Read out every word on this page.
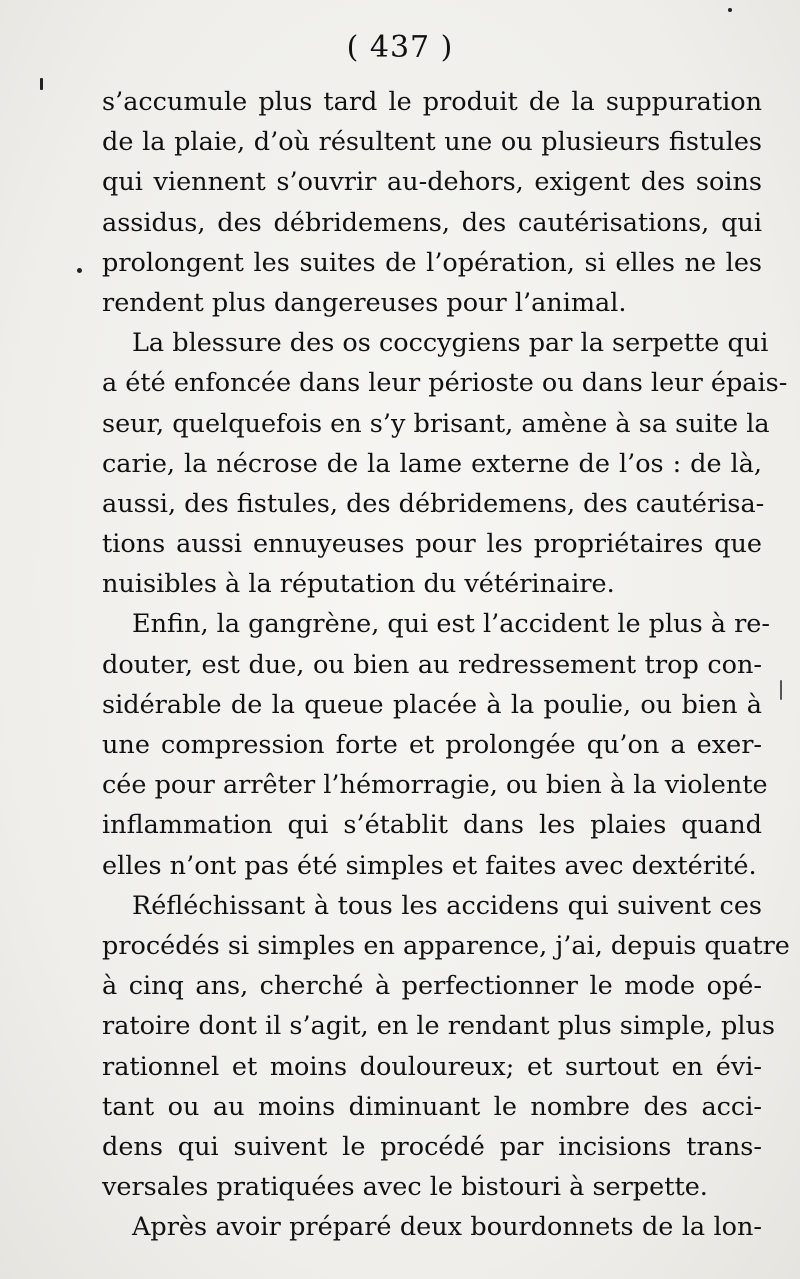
( 437 )
s’accumule plus tard le produit de la suppuration
de la plaie, d’où résultent une ou plusieurs fistules
qui viennent s’ouvrir au-dehors, exigent des soins
assidus, des débridemens, des cautérisations, qui
prolongent les suites de l’opération, si elles ne les
rendent plus dangereuses pour l’animal.
La blessure des os coccygiens par la serpette qui
a été enfoncée dans leur périoste ou dans leur épais-
seur, quelquefois en s’y brisant, amène à sa suite la
carie, la nécrose de la lame externe de l’os : de là,
aussi, des fistules, des débridemens, des cautérisa-
tions aussi ennuyeuses pour les propriétaires que
nuisibles à la réputation du vétérinaire.
Enfin, la gangrène, qui est l’accident le plus à re-
douter, est due, ou bien au redressement trop con-
sidérable de la queue placée à la poulie, ou bien à
une compression forte et prolongée qu’on a exer-
cée pour arrêter l’hémorragie, ou bien à la violente
inflammation qui s’établit dans les plaies quand
elles n’ont pas été simples et faites avec dextérité.
Réfléchissant à tous les accidens qui suivent ces
procédés si simples en apparence, j’ai, depuis quatre
à cinq ans, cherché à perfectionner le mode opé-
ratoire dont il s’agit, en le rendant plus simple, plus
rationnel et moins douloureux; et surtout en évi-
tant ou au moins diminuant le nombre des acci-
dens qui suivent le procédé par incisions trans-
versales pratiquées avec le bistouri à serpette.
Après avoir préparé deux bourdonnets de la lon-
